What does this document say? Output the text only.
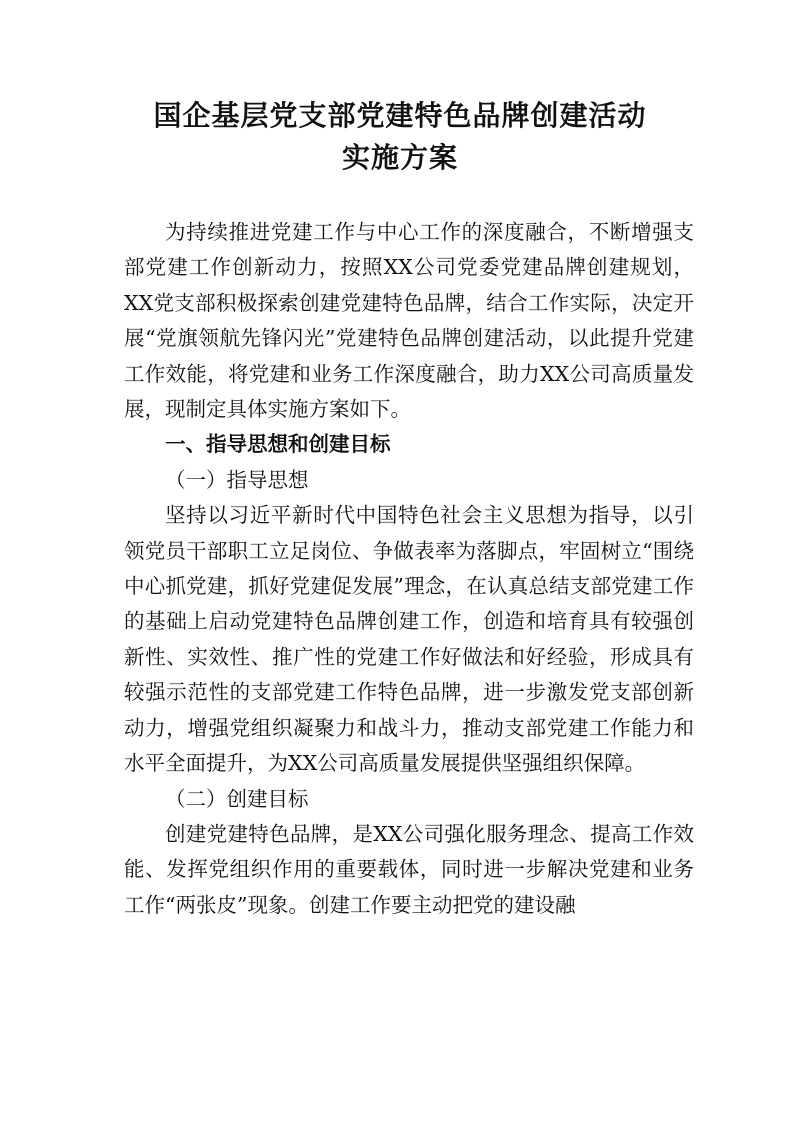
国企基层党支部党建特色品牌创建活动
实施方案

为持续推进党建工作与中心工作的深度融合，不断增强支部党建工作创新动力，按照XX公司党委党建品牌创建规划，XX党支部积极探索创建党建特色品牌，结合工作实际，决定开展“党旗领航先锋闪光”党建特色品牌创建活动，以此提升党建工作效能，将党建和业务工作深度融合，助力XX公司高质量发展，现制定具体实施方案如下。

一、指导思想和创建目标

（一）指导思想

坚持以习近平新时代中国特色社会主义思想为指导，以引领党员干部职工立足岗位、争做表率为落脚点，牢固树立“围绕中心抓党建，抓好党建促发展”理念，在认真总结支部党建工作的基础上启动党建特色品牌创建工作，创造和培育具有较强创新性、实效性、推广性的党建工作好做法和好经验，形成具有较强示范性的支部党建工作特色品牌，进一步激发党支部创新动力，增强党组织凝聚力和战斗力，推动支部党建工作能力和水平全面提升，为XX公司高质量发展提供坚强组织保障。

（二）创建目标

创建党建特色品牌，是XX公司强化服务理念、提高工作效能、发挥党组织作用的重要载体，同时进一步解决党建和业务工作“两张皮”现象。创建工作要主动把党的建设融
